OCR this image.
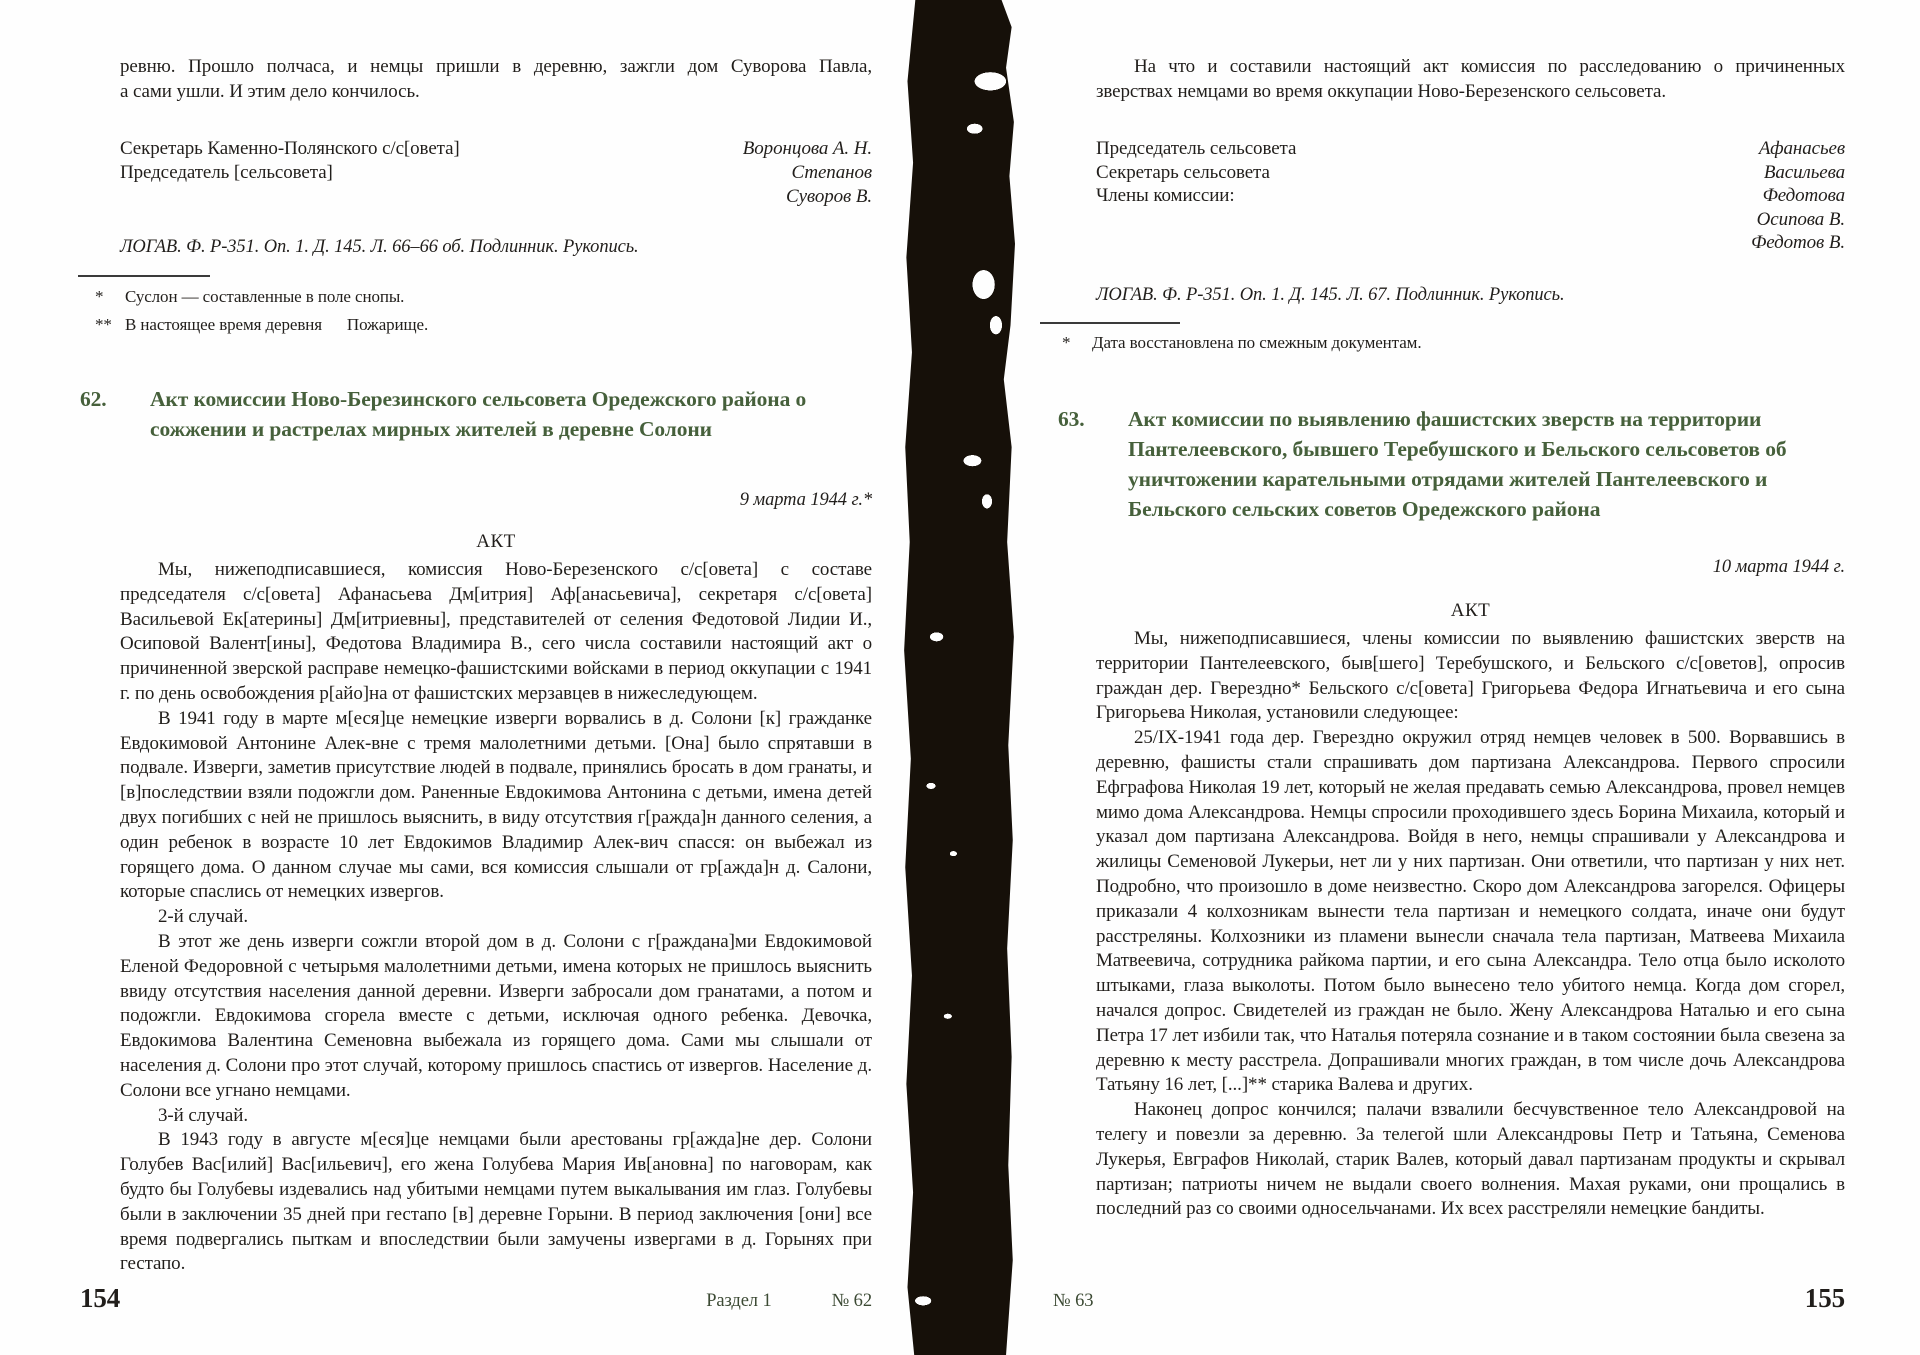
ревню. Прошло полчаса, и немцы пришли в деревню, зажгли дом Суворова Павла,
а сами ушли. И этим дело кончилось.
Секретарь Каменно-Полянского с/с[овета]	Воронцова А. Н.
Председатель [сельсовета]	Степанов
Суворов В.
ЛОГАВ. Ф. Р-351. Оп. 1. Д. 145. Л. 66–66 об. Подлинник. Рукопись.
*	Суслон — составленные в поле снопы.
** В настоящее время деревня      Пожарище.
62.	Акт комиссии Ново-Березинского сельсовета Оредежского района о сожжении и растрелах мирных жителей в деревне Солони
9 марта 1944 г.*
АКТ

Мы, нижеподписавшиеся, комиссия Ново-Березенского с/с[овета] с составе председателя с/с[овета] Афанасьева Дм[итрия] Аф[анасьевича], секретаря с/с[овета] Васильевой Ек[атерины] Дм[итриевны], представителей от селения Федотовой Лидии И., Осиповой Валент[ины], Федотова Владимира В., сего числа составили настоящий акт о причиненной зверской расправе немецко-фашистскими войсками в период оккупации с 1941 г. по день освобождения р[айо]на от фашистских мерзавцев в нижеследующем.

В 1941 году в марте м[еся]це немецкие изверги ворвались в д. Солони [к] гражданке Евдокимовой Антонине Алек-вне с тремя малолетними детьми. [Она] было спрятавши в подвале. Изверги, заметив присутствие людей в подвале, принялись бросать в дом гранаты, и [в]последствии взяли подожгли дом. Раненные Евдокимова Антонина с детьми, имена детей двух погибших с ней не пришлось выяснить, в виду отсутствия г[ражда]н данного селения, а один ребенок в возрасте 10 лет Евдокимов Владимир Алек-вич спасся: он выбежал из горящего дома. О данном случае мы сами, вся комиссия слышали от гр[ажда]н д. Салони, которые спаслись от немецких извергов.

2-й случай.

В этот же день изверги сожгли второй дом в д. Солони с г[раждана]ми Евдокимовой Еленой Федоровной с четырьмя малолетними детьми, имена которых не пришлось выяснить ввиду отсутствия населения данной деревни. Изверги забросали дом гранатами, а потом и подожгли. Евдокимова сгорела вместе с детьми, исключая одного ребенка. Девочка, Евдокимова Валентина Семеновна выбежала из горящего дома. Сами мы слышали от населения д. Солони про этот случай, которому пришлось спастись от извергов. Население д. Солони все угнано немцами.

3-й случай.

В 1943 году в августе м[еся]це немцами были арестованы гр[ажда]не дер. Солони Голубев Вас[илий] Вас[ильевич], его жена Голубева Мария Ив[ановна] по наговорам, как будто бы Голубевы издевались над убитыми немцами путем выкалывания им глаз. Голубевы были в заключении 35 дней при гестапо [в] деревне Горыни. В период заключения [они] все время подвергались пыткам и впоследствии были замучены извергами в д. Горынях при гестапо.

154	Раздел 1	№ 62
На что и составили настоящий акт комиссия по расследованию о причиненных
зверствах немцами во время оккупации Ново-Березенского сельсовета.
Председатель сельсовета	Афанасьев
Секретарь сельсовета	Васильева
Члены комиссии:	Федотова
Осипова В.
Федотов В.
ЛОГАВ. Ф. Р-351. Оп. 1. Д. 145. Л. 67. Подлинник. Рукопись.
*	Дата восстановлена по смежным документам.
63.	Акт комиссии по выявлению фашистских зверств на территории Пантелеевского, бывшего Теребушского и Бельского сельсоветов об уничтожении карательными отрядами жителей Пантелеевского и Бельского сельских советов Оредежского района
10 марта 1944 г.
АКТ

Мы, нижеподписавшиеся, члены комиссии по выявлению фашистских зверств на территории Пантелеевского, быв[шего] Теребушского, и Бельского с/с[оветов], опросив граждан дер. Гверездно* Бельского с/с[овета] Григорьева Федора Игнатьевича и его сына Григорьева Николая, установили следующее:

25/IX-1941 года дер. Гверездно окружил отряд немцев человек в 500. Ворвавшись в деревню, фашисты стали спрашивать дом партизана Александрова. Первого спросили Ефграфова Николая 19 лет, который не желая предавать семью Александрова, провел немцев мимо дома Александрова. Немцы спросили проходившего здесь Борина Михаила, который и указал дом партизана Александрова. Войдя в него, немцы спрашивали у Александрова и жилицы Семеновой Лукерьи, нет ли у них партизан. Они ответили, что партизан у них нет. Подробно, что произошло в доме неизвестно. Скоро дом Александрова загорелся. Офицеры приказали 4 колхозникам вынести тела партизан и немецкого солдата, иначе они будут расстреляны. Колхозники из пламени вынесли сначала тела партизан, Матвеева Михаила Матвеевича, сотрудника райкома партии, и его сына Александра. Тело отца было исколото штыками, глаза выколоты. Потом было вынесено тело убитого немца. Когда дом сгорел, начался допрос. Свидетелей из граждан не было. Жену Александрова Наталью и его сына Петра 17 лет избили так, что Наталья потеряла сознание и в таком состоянии была свезена за деревню к месту расстрела. Допрашивали многих граждан, в том числе дочь Александрова Татьяну 16 лет, [...]** старика Валева и других.

Наконец допрос кончился; палачи взвалили бесчувственное тело Александровой на телегу и повезли за деревню. За телегой шли Александровы Петр и Татьяна, Семенова Лукерья, Евграфов Николай, старик Валев, который давал партизанам продукты и скрывал партизан; патриоты ничем не выдали своего волнения. Махая руками, они прощались в последний раз со своими односельчанами. Их всех расстреляли немецкие бандиты.

№ 63	155
